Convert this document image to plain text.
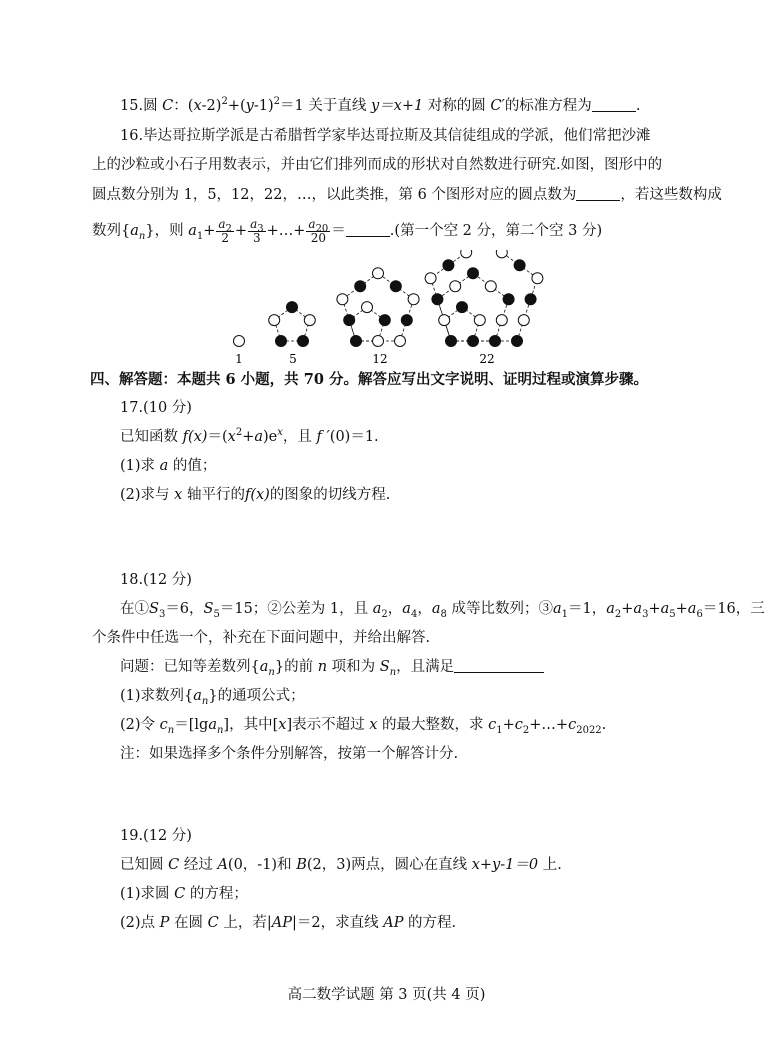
15.圆 C：$(x-2)^2+(y-1)^2=1$ 关于直线 y＝x+1 对称的圆 C′的标准方程为	.
16.毕达哥拉斯学派是古希腊哲学家毕达哥拉斯及其信徒组成的学派，他们常把沙滩
上的沙粒或小石子用数表示，并由它们排列而成的形状对自然数进行研究.如图，图形中的
圆点数分别为 1，5，12，22，…，以此类推，第 6 个图形对应的圆点数为	，若这些数构成
数列$\{a_n\}$，则 $a_1+ \frac{a_2}{2} + \frac{a_3}{3}$ +…+ $\frac{a_{20}}{20}$ ＝	.(第一个空 2 分，第二个空 3 分)
1	5	12	22
四、解答题：本题共 6 小题，共 70 分。解答应写出文字说明、证明过程或演算步骤。
17.(10 分)
已知函数 $f(x)=(x^2+a)e^x$，且 f ′(0)＝1.
(1)求 a 的值；
(2)求与 x 轴平行的f(x)的图象的切线方程.
18.(12 分)
在$①S_3=6$，$S_5=15$；②公差为 1，且 $a_2$，$a_4$，$a_8$ 成等比数列；$③a_1=1$，$a_2+a_3+a_5+a_6=16$，三
个条件中任选一个，补充在下面问题中，并给出解答.
问题：已知等差数列$\{a_n\}$的前 n 项和为 $S_n$，且满足
(1)求数列$\{a_n\}$的通项公式；
(2)令 $c_n=[\lg a_n]$，其中[x]表示不超过 x 的最大整数，求 $c_1+c_2+\dots+c_{2022}$.
注：如果选择多个条件分别解答，按第一个解答计分.
19.(12 分)
已知圆 C 经过 A(0，-1)和 B(2，3)两点，圆心在直线 x+y-1＝0 上.
(1)求圆 C 的方程；
(2)点 P 在圆 C 上，若|AP|＝2，求直线 AP 的方程.
高二数学试题 第 3 页(共 4 页)
